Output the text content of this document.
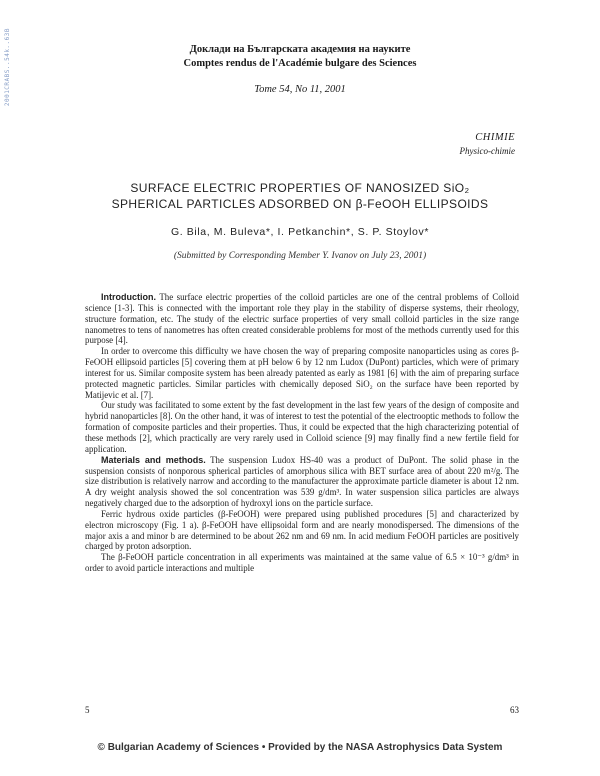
2001CRABS..54k..63B	Доклади на Българската академия на науките
Comptes rendus de l'Académie bulgare des Sciences
Tome 54, No 11, 2001
CHIMIE
Physico-chimie
SURFACE ELECTRIC PROPERTIES OF NANOSIZED SiO₂
SPHERICAL PARTICLES ADSORBED ON β-FeOOH ELLIPSOIDS
G. Bila, M. Buleva*, I. Petkanchin*, S. P. Stoylov*
(Submitted by Corresponding Member Y. Ivanov on July 23, 2001)

Introduction. The surface electric properties of the colloid particles are one of the central problems of Colloid science [1-3]. This is connected with the important role they play in the stability of disperse systems, their rheology, structure formation, etc. The study of the electric surface properties of very small colloid particles in the size range nanometres to tens of nanometres has often created considerable problems for most of the methods currently used for this purpose [4].

In order to overcome this difficulty we have chosen the way of preparing composite nanoparticles using as cores β-FeOOH ellipsoid particles [5] covering them at pH below 6 by 12 nm Ludox (DuPont) particles, which were of primary interest for us. Similar composite system has been already patented as early as 1981 [6] with the aim of preparing surface protected magnetic particles. Similar particles with chemically deposed SiO₂ on the surface have been reported by Matijevic et al. [7].

Our study was facilitated to some extent by the fast development in the last few years of the design of composite and hybrid nanoparticles [8]. On the other hand, it was of interest to test the potential of the electrooptic methods to follow the formation of composite particles and their properties. Thus, it could be expected that the high characterizing potential of these methods [2], which practically are very rarely used in Colloid science [9] may finally find a new fertile field for application.

Materials and methods. The suspension Ludox HS-40 was a product of DuPont. The solid phase in the suspension consists of nonporous spherical particles of amorphous silica with BET surface area of about 220 m²/g. The size distribution is relatively narrow and according to the manufacturer the approximate particle diameter is about 12 nm. A dry weight analysis showed the sol concentration was 539 g/dm³. In water suspension silica particles are always negatively charged due to the adsorption of hydroxyl ions on the particle surface.

Ferric hydrous oxide particles (β-FeOOH) were prepared using published procedures [5] and characterized by electron microscopy (Fig. 1 a). β-FeOOH have ellipsoidal form and are nearly monodispersed. The dimensions of the major axis a and minor b are determined to be about 262 nm and 69 nm. In acid medium FeOOH particles are positively charged by proton adsorption.

The β-FeOOH particle concentration in all experiments was maintained at the same value of 6.5 × 10⁻³ g/dm³ in order to avoid particle interactions and multiple

5	63
© Bulgarian Academy of Sciences • Provided by the NASA Astrophysics Data System
